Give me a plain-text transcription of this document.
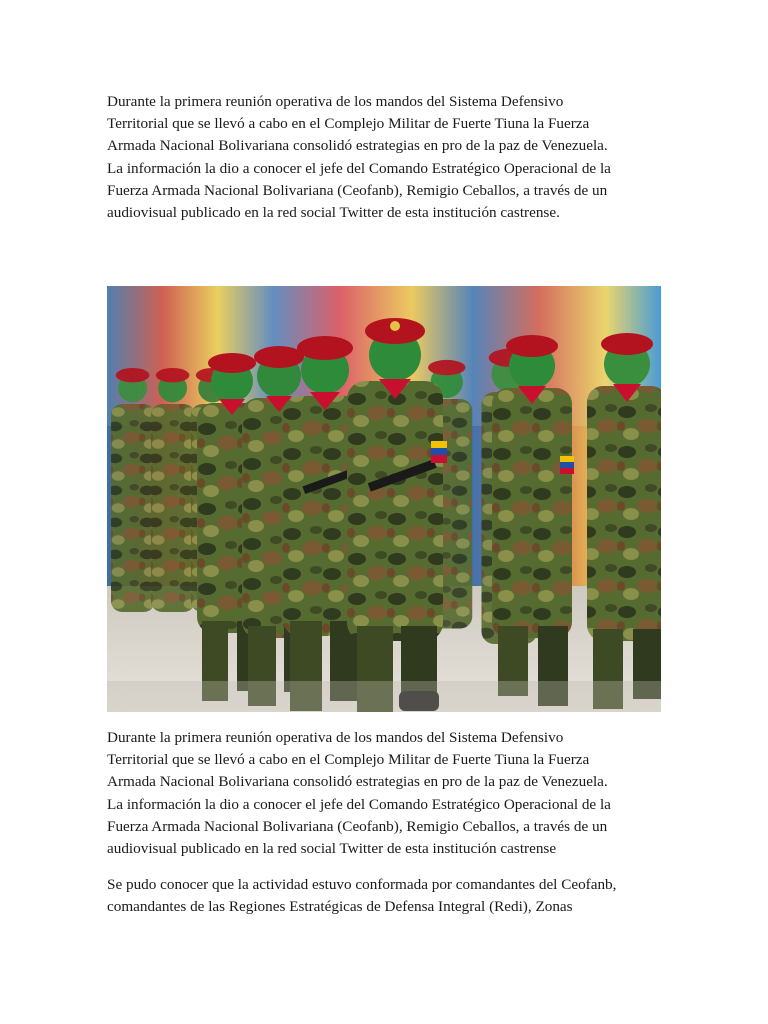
Durante la primera reunión operativa de los mandos del Sistema Defensivo
Territorial que se llevó a cabo en el Complejo Militar de Fuerte Tiuna la Fuerza
Armada Nacional Bolivariana consolidó estrategias en pro de la paz de Venezuela.
La información la dio a conocer el jefe del Comando Estratégico Operacional de la
Fuerza Armada Nacional Bolivariana (Ceofanb), Remigio Ceballos, a través de un
audiovisual publicado en la red social Twitter de esta institución castrense.

Durante la primera reunión operativa de los mandos del Sistema Defensivo
Territorial que se llevó a cabo en el Complejo Militar de Fuerte Tiuna la Fuerza
Armada Nacional Bolivariana consolidó estrategias en pro de la paz de Venezuela.
La información la dio a conocer el jefe del Comando Estratégico Operacional de la
Fuerza Armada Nacional Bolivariana (Ceofanb), Remigio Ceballos, a través de un
audiovisual publicado en la red social Twitter de esta institución castrense

Se pudo conocer que la actividad estuvo conformada por comandantes del Ceofanb,
comandantes de las Regiones Estratégicas de Defensa Integral (Redi), Zonas
